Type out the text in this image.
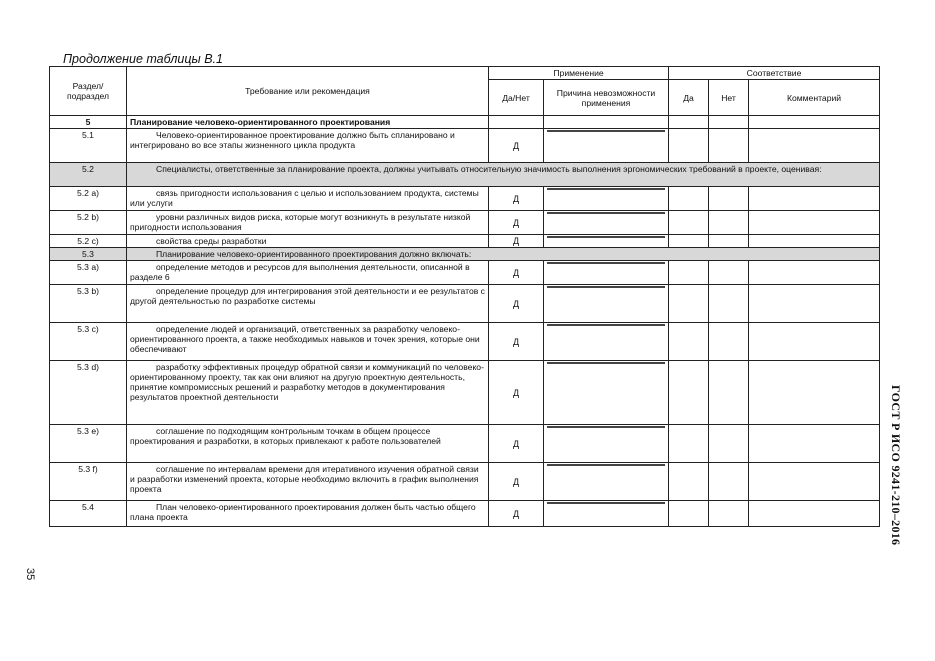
Продолжение таблицы В.1
Раздел/ подраздел	Требование или рекомендация	Применение		Соответствие		
		Да/Нет	Причина невозможности применения	Да	Нет	Комментарий
5	Планирование человеко-ориентированного проектирования					
5.1	Человеко-ориентированное проектирование должно быть спланировано и интегрировано во все этапы жизненного цикла продукта	Д	

5.2	Специалисты, ответственные за планирование проекта, должны учитывать относительную значимость выполнения эргономических требований в проекте, оценивая:					
5.2 a)	связь пригодности использования с целью и использованием продукта, системы или услуги	Д	

5.2 b)	уровни различных видов риска, которые могут возникнуть в результате низкой пригодности использования	Д	

5.2 c)	свойства среды разработки	Д	

5.3	Планирование человеко-ориентированного проектирования должно включать:					
5.3 a)	определение методов и ресурсов для выполнения деятельности, описанной в разделе 6	Д	

5.3 b)	определение процедур для интегрирования этой деятельности и ее результатов с другой деятельностью по разработке системы	Д	

5.3 c)	определение людей и организаций, ответственных за разработку человеко-ориентированного проекта, а также необходимых навыков и точек зрения, которые они обеспечивают	Д	

5.3 d)	разработку эффективных процедур обратной связи и коммуникаций по человеко-ориентированному проекту, так как они влияют на другую проектную деятельность, принятие компромиссных решений и разработку методов в документирования результатов проектной деятельности	Д	

5.3 e)	соглашение по подходящим контрольным точкам в общем процессе проектирования и разработки, в которых привлекают к работе пользователей	Д	

5.3 f)	соглашение по интервалам времени для итеративного изучения обратной связи и разработки изменений проекта, которые необходимо включить в график выполнения проекта	Д	

5.4	План человеко-ориентированного проектирования должен быть частью общего плана проекта	Д	

35
ГОСТ Р ИСО 9241-210–2016
